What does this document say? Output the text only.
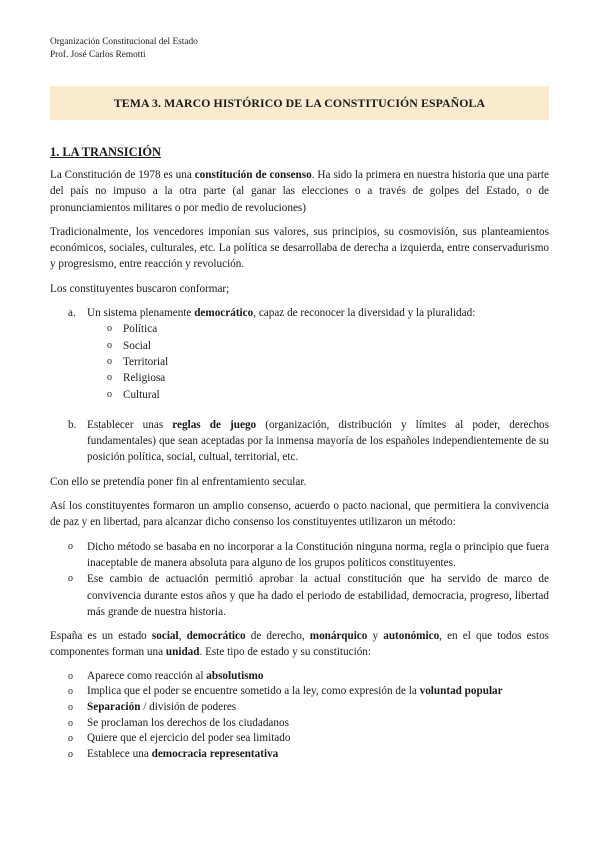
Organización Constitucional del Estado
Prof. José Carlos Remotti
TEMA 3. MARCO HISTÓRICO DE LA CONSTITUCIÓN ESPAÑOLA
1. LA TRANSICIÓN

La Constitución de 1978 es una constitución de consenso. Ha sido la primera en nuestra historia que una parte del país no impuso a la otra parte (al ganar las elecciones o a través de golpes del Estado, o de pronunciamientos militares o por medio de revoluciones)

Tradicionalmente, los vencedores imponían sus valores, sus principios, su cosmovisión, sus planteamientos económicos, sociales, culturales, etc. La política se desarrollaba de derecha a izquierda, entre conservadurismo y progresismo, entre reacción y revolución.

Los constituyentes buscaron conformar;

a. Un sistema plenamente democrático, capaz de reconocer la diversidad y la pluralidad:
o Política
o Social
o Territorial
o Religiosa
o Cultural
b. Establecer unas reglas de juego (organización, distribución y límites al poder, derechos fundamentales) que sean aceptadas por la inmensa mayoría de los españoles independientemente de su posición política, social, cultual, territorial, etc.

Con ello se pretendía poner fin al enfrentamiento secular.

Así los constituyentes formaron un amplio consenso, acuerdo o pacto nacional, que permitiera la convivencia de paz y en libertad, para alcanzar dicho consenso los constituyentes utilizaron un método:

o Dicho método se basaba en no incorporar a la Constitución ninguna norma, regla o principio que fuera inaceptable de manera absoluta para alguno de los grupos políticos constituyentes.
o Ese cambio de actuación permitió aprobar la actual constitución que ha servido de marco de convivencia durante estos años y que ha dado el periodo de estabilidad, democracia, progreso, libertad más grande de nuestra historia.

España es un estado social, democrático de derecho, monárquico y autonómico, en el que todos estos componentes forman una unidad. Este tipo de estado y su constitución:

o Aparece como reacción al absolutismo
o Implica que el poder se encuentre sometido a la ley, como expresión de la voluntad popular
o Separación / división de poderes
o Se proclaman los derechos de los ciudadanos
o Quiere que el ejercicio del poder sea limitado
o Establece una democracia representativa
